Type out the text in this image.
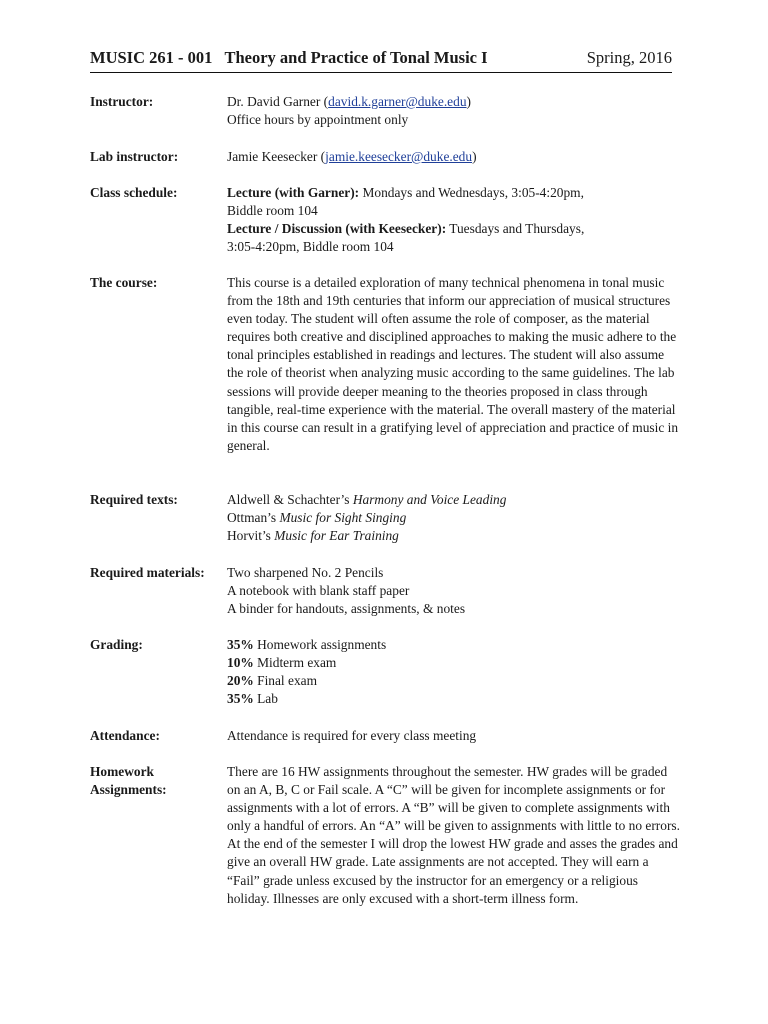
MUSIC 261 - 001   Theory and Practice of Tonal Music I	Spring, 2016
Instructor:	Dr. David Garner (david.k.garner@duke.edu)
Office hours by appointment only
Lab instructor:	Jamie Keesecker (jamie.keesecker@duke.edu)
Class schedule:	Lecture (with Garner): Mondays and Wednesdays, 3:05-4:20pm,
Biddle room 104
Lecture / Discussion (with Keesecker): Tuesdays and Thursdays,
3:05-4:20pm, Biddle room 104
The course:	This course is a detailed exploration of many technical phenomena in tonal music from the 18th and 19th centuries that inform our appreciation of musical structures even today. The student will often assume the role of composer, as the material requires both creative and disciplined approaches to making the music adhere to the tonal principles established in readings and lectures. The student will also assume the role of theorist when analyzing music according to the same guidelines. The lab sessions will provide deeper meaning to the theories proposed in class through tangible, real-time experience with the material. The overall mastery of the material in this course can result in a gratifying level of appreciation and practice of music in general.
Required texts:	Aldwell & Schachter’s Harmony and Voice Leading
Ottman’s Music for Sight Singing
Horvit’s Music for Ear Training
Required materials:	Two sharpened No. 2 Pencils
A notebook with blank staff paper
A binder for handouts, assignments, & notes
Grading:	35% Homework assignments
10% Midterm exam
20% Final exam
35% Lab
Attendance:	Attendance is required for every class meeting
Homework
Assignments:
There are 16 HW assignments throughout the semester. HW grades will be graded on an A, B, C or Fail scale. A “C” will be given for incomplete assignments or for assignments with a lot of errors. A “B” will be given to complete assignments with only a handful of errors. An “A” will be given to assignments with little to no errors. At the end of the semester I will drop the lowest HW grade and asses the grades and give an overall HW grade. Late assignments are not accepted. They will earn a “Fail” grade unless excused by the instructor for an emergency or a religious holiday. Illnesses are only excused with a short-term illness form.
